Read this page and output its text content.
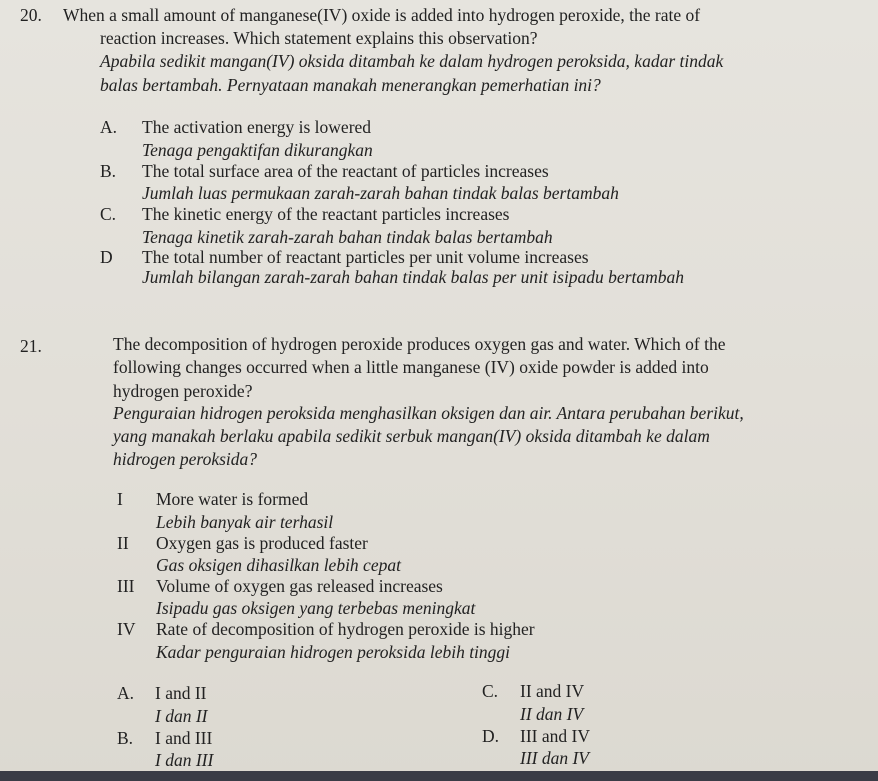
20. When a small amount of manganese(IV) oxide is added into hydrogen peroxide, the rate of
reaction increases. Which statement explains this observation?
Apabila sedikit mangan(IV) oksida ditambah ke dalam hydrogen peroksida, kadar tindak
balas bertambah. Pernyataan manakah menerangkan pemerhatian ini?
A. The activation energy is lowered
Tenaga pengaktifan dikurangkan
B. The total surface area of the reactant of particles increases
Jumlah luas permukaan zarah-zarah bahan tindak balas bertambah
C. The kinetic energy of the reactant particles increases
Tenaga kinetik zarah-zarah bahan tindak balas bertambah
D The total number of reactant particles per unit volume increases
Jumlah bilangan zarah-zarah bahan tindak balas per unit isipadu bertambah
21.	The decomposition of hydrogen peroxide produces oxygen gas and water. Which of the
following changes occurred when a little manganese (IV) oxide powder is added into
hydrogen peroxide?
Penguraian hidrogen peroksida menghasilkan oksigen dan air. Antara perubahan berikut,
yang manakah berlaku apabila sedikit serbuk mangan(IV) oksida ditambah ke dalam
hidrogen peroksida?
I More water is formed
Lebih banyak air terhasil
II Oxygen gas is produced faster
Gas oksigen dihasilkan lebih cepat
III Volume of oxygen gas released increases
Isipadu gas oksigen yang terbebas meningkat
IV Rate of decomposition of hydrogen peroxide is higher
Kadar penguraian hidrogen peroksida lebih tinggi
A. I and II
I dan II
B. I and III
I dan III
C. II and IV
II dan IV
D. III and IV
III dan IV
